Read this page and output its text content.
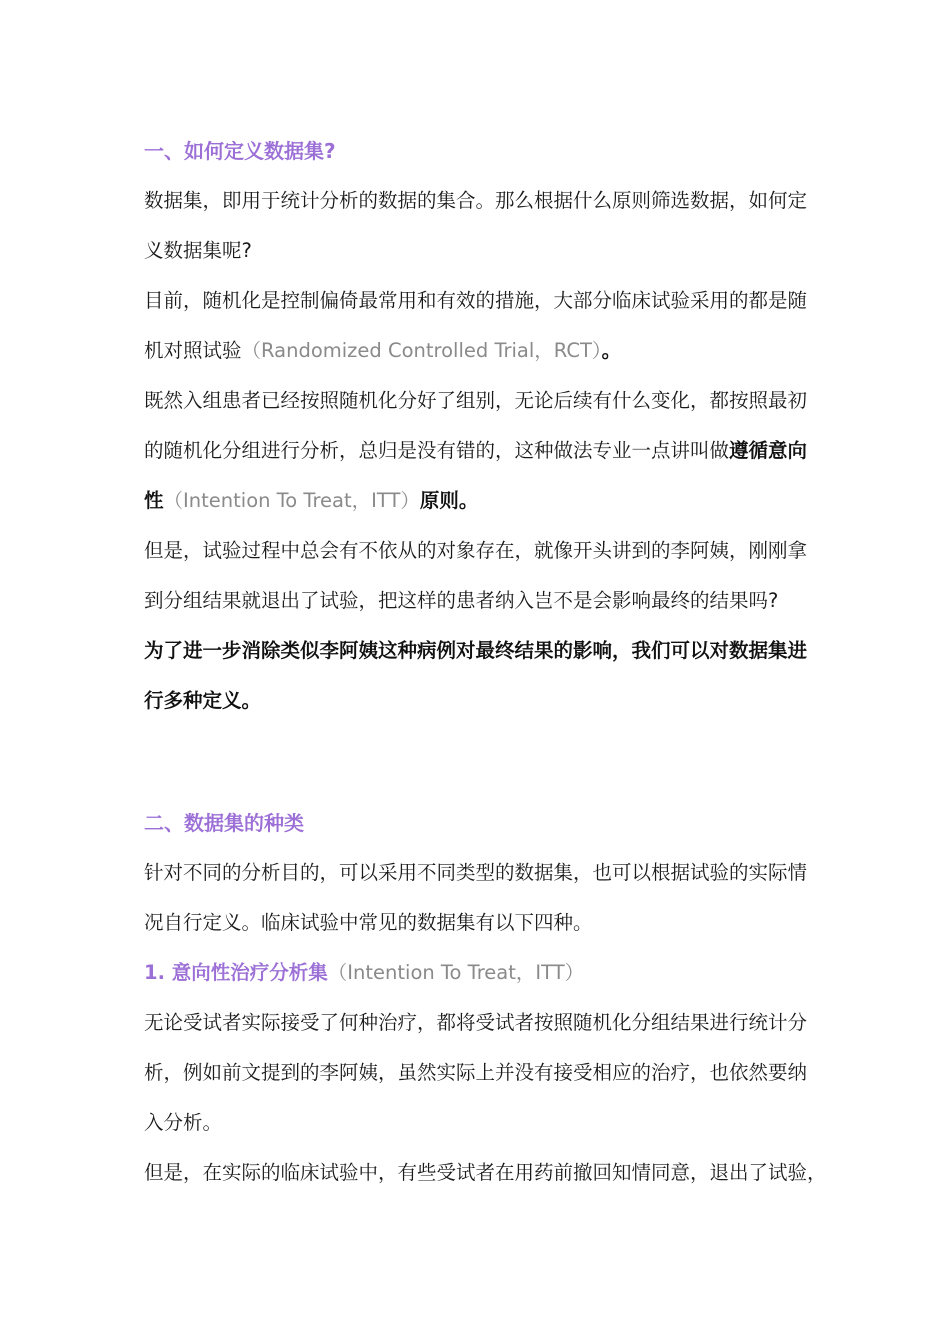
一、如何定义数据集?
数据集，即用于统计分析的数据的集合。那么根据什么原则筛选数据，如何定
义数据集呢?
目前，随机化是控制偏倚最常用和有效的措施，大部分临床试验采用的都是随
机对照试验（Randomized Controlled Trial，RCT）。
既然入组患者已经按照随机化分好了组别，无论后续有什么变化，都按照最初
的随机化分组进行分析，总归是没有错的，这种做法专业一点讲叫做遵循意向
性（Intention To Treat，ITT）原则。
但是，试验过程中总会有不依从的对象存在，就像开头讲到的李阿姨，刚刚拿
到分组结果就退出了试验，把这样的患者纳入岂不是会影响最终的结果吗?
为了进一步消除类似李阿姨这种病例对最终结果的影响，我们可以对数据集进
行多种定义。
二、数据集的种类
针对不同的分析目的，可以采用不同类型的数据集，也可以根据试验的实际情
况自行定义。临床试验中常见的数据集有以下四种。
1. 意向性治疗分析集（Intention To Treat，ITT）
无论受试者实际接受了何种治疗，都将受试者按照随机化分组结果进行统计分
析，例如前文提到的李阿姨，虽然实际上并没有接受相应的治疗，也依然要纳
入分析。
但是，在实际的临床试验中，有些受试者在用药前撤回知情同意，退出了试验，
